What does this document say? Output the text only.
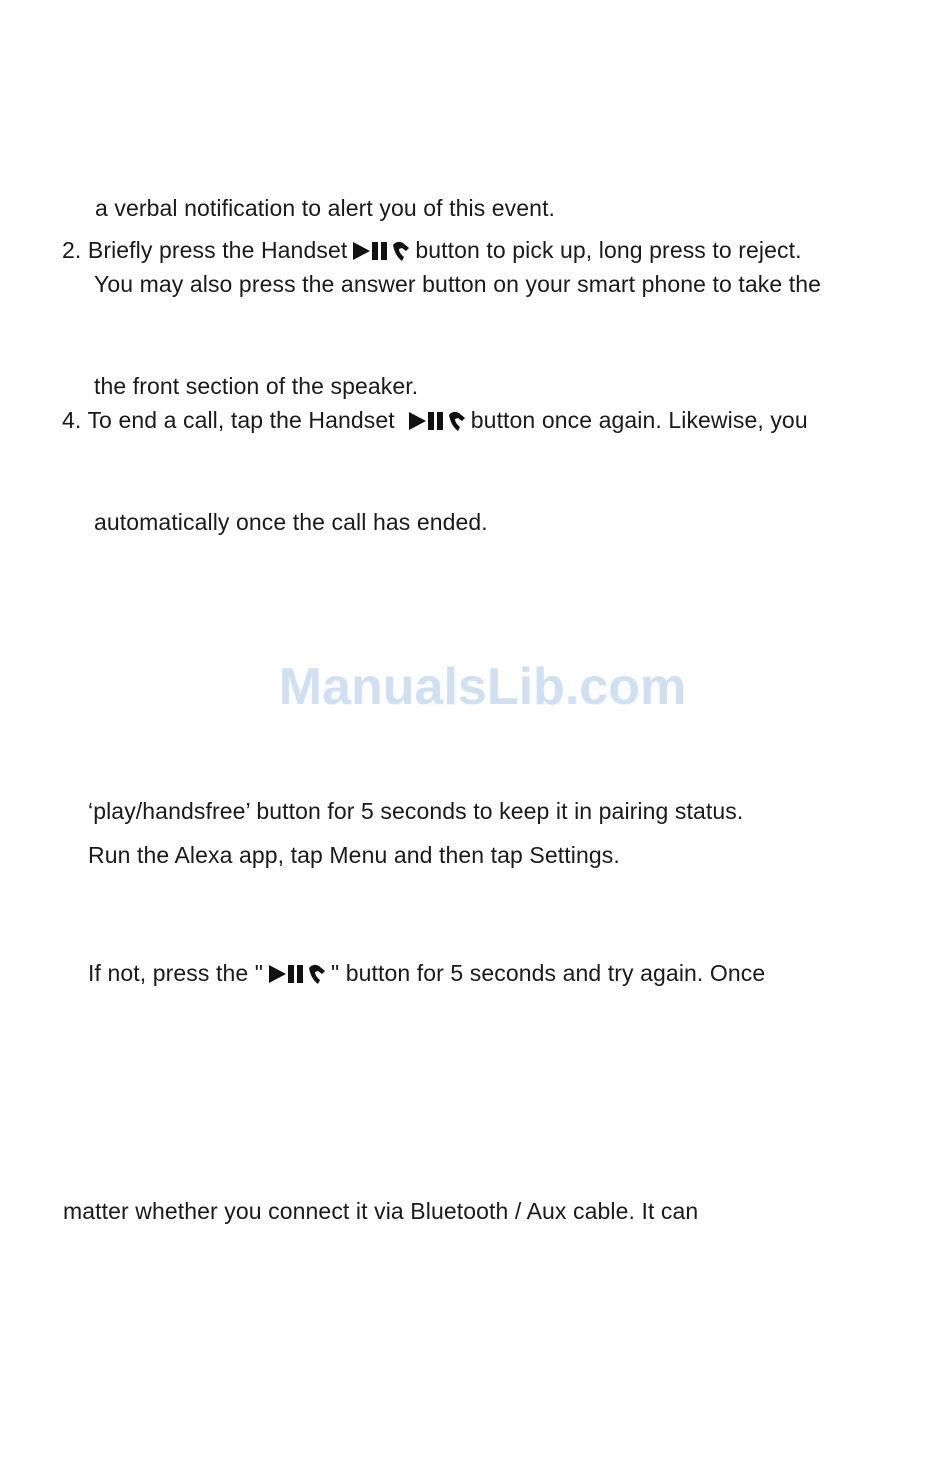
a verbal notification to alert you of this event.
2. Briefly press the Handset	button to pick up, long press to reject.
You may also press the answer button on your smart phone to take the
the front section of the speaker.
4. To end a call, tap the Handset	button once again. Likewise, you
automatically once the call has ended.
ManualsLib.com
‘play/handsfree’ button for 5 seconds to keep it in pairing status.
Run the Alexa app, tap Menu and then tap Settings.
If not, press the "	" button for 5 seconds and try again. Once
matter whether you connect it via Bluetooth / Aux cable. It can
